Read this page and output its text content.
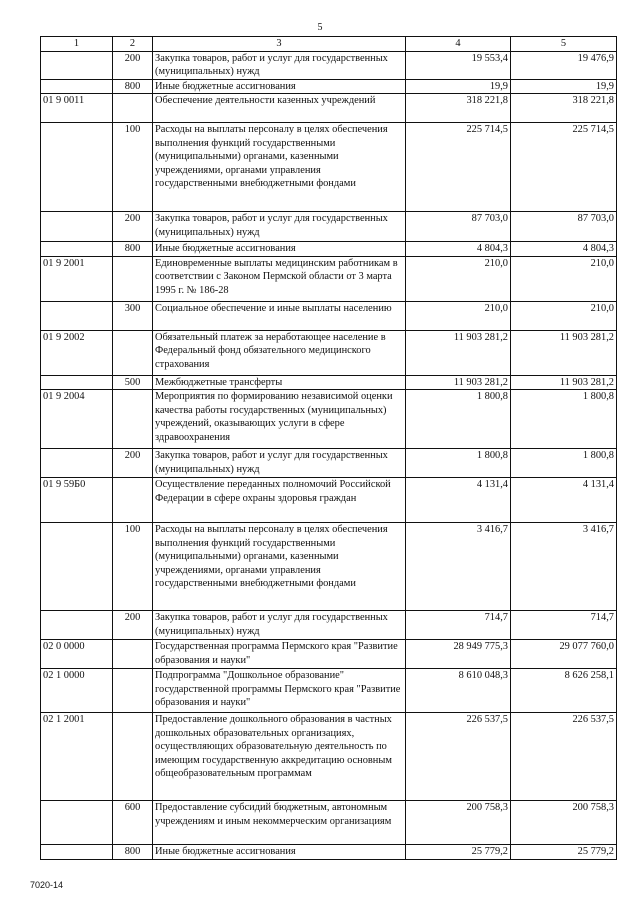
5
1	2	3	4	5
	200	Закупка товаров, работ и услуг для государственных (муниципальных) нужд	19 553,4	19 476,9
	800	Иные бюджетные ассигнования	19,9	19,9
01 9 0011		Обеспечение деятельности казенных учреждений	318 221,8	318 221,8
	100	Расходы на выплаты персоналу в целях обеспечения выполнения функций государственными (муниципальными) органами, казенными учреждениями, органами управления государственными внебюджетными фондами	225 714,5	225 714,5
	200	Закупка товаров, работ и услуг для государственных (муниципальных) нужд	87 703,0	87 703,0
	800	Иные бюджетные ассигнования	4 804,3	4 804,3
01 9 2001		Единовременные выплаты медицинским работникам в соответствии с Законом Пермской области от 3 марта 1995 г. № 186-28	210,0	210,0
	300	Социальное обеспечение и иные выплаты населению	210,0	210,0
01 9 2002		Обязательный платеж за неработающее население в Федеральный фонд обязательного медицинского страхования	11 903 281,2	11 903 281,2
	500	Межбюджетные трансферты	11 903 281,2	11 903 281,2
01 9 2004		Мероприятия по формированию независимой оценки качества работы государственных (муниципальных) учреждений, оказывающих услуги в сфере здравоохранения	1 800,8	1 800,8
	200	Закупка товаров, работ и услуг для государственных (муниципальных) нужд	1 800,8	1 800,8
01 9 59Б0		Осуществление переданных полномочий Российской Федерации в сфере охраны здоровья граждан	4 131,4	4 131,4
	100	Расходы на выплаты персоналу в целях обеспечения выполнения функций государственными (муниципальными) органами, казенными учреждениями, органами управления государственными внебюджетными фондами	3 416,7	3 416,7
	200	Закупка товаров, работ и услуг для государственных (муниципальных) нужд	714,7	714,7
02 0 0000		Государственная программа Пермского края "Развитие образования и науки"	28 949 775,3	29 077 760,0
02 1 0000		Подпрограмма "Дошкольное образование" государственной программы Пермского края "Развитие образования и науки"	8 610 048,3	8 626 258,1
02 1 2001		Предоставление дошкольного образования в частных дошкольных образовательных организациях, осуществляющих образовательную деятельность по имеющим государственную аккредитацию основным общеобразовательным программам	226 537,5	226 537,5
	600	Предоставление субсидий бюджетным, автономным учреждениям и иным некоммерческим организациям	200 758,3	200 758,3
	800	Иные бюджетные ассигнования	25 779,2	25 779,2
7020-14
